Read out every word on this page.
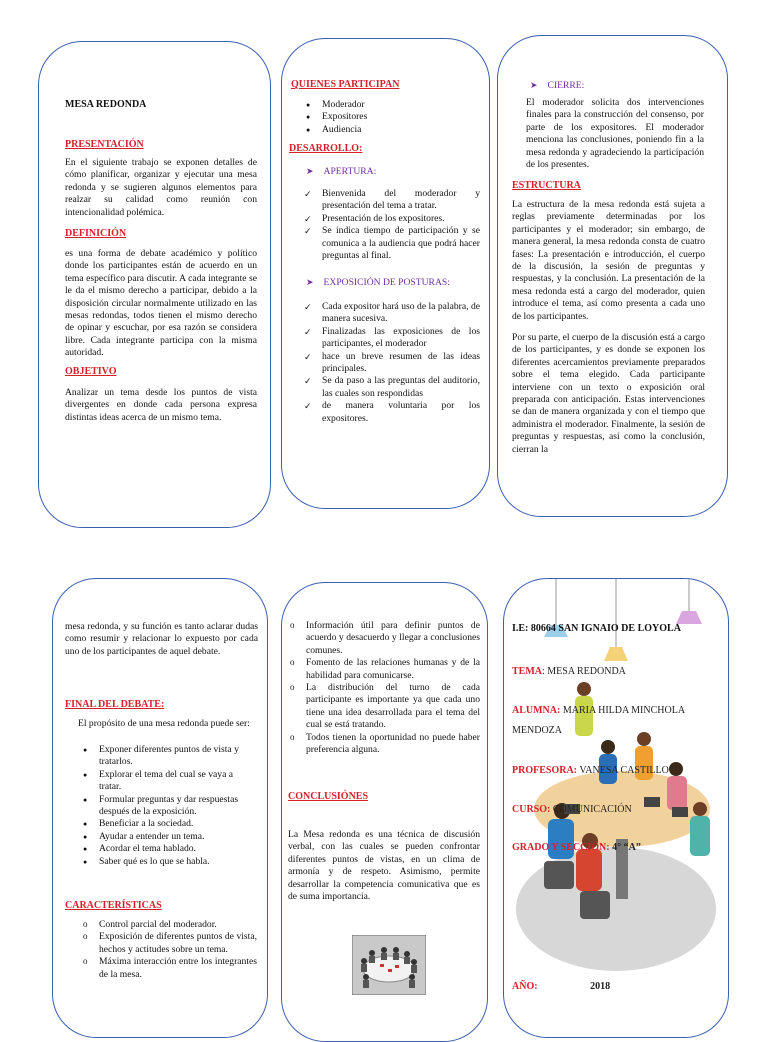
MESA REDONDA

PRESENTACIÓN

En el siguiente trabajo se exponen detalles de cómo planificar, organizar y ejecutar una mesa redonda y se sugieren algunos elementos para realzar su calidad como reunión con intencionalidad polémica.

DEFINICIÓN

es una forma de debate académico y político donde los participantes están de acuerdo en un tema específico para discutir. A cada integrante se le da el mismo derecho a participar, debido a la disposición circular normalmente utilizado en las mesas redondas, todos tienen el mismo derecho de opinar y escuchar, por esa razón se considera libre. Cada integrante participa con la misma autoridad.

OBJETIVO

Analizar un tema desde los puntos de vista divergentes en donde cada persona expresa distintas ideas acerca de un mismo tema.

QUIENES PARTICIPAN

● Moderador
● Expositores
● Audiencia

DESARROLLO:

➤ APERTURA:

✓ Bienvenida del moderador y presentación del tema a tratar.
✓ Presentación de los expositores.
✓ Se indica tiempo de participación y se comunica a la audiencia que podrá hacer preguntas al final.

➤ EXPOSICIÓN DE POSTURAS:

✓ Cada expositor hará uso de la palabra, de manera sucesiva.
✓ Finalizadas las exposiciones de los participantes, el moderador
✓ hace un breve resumen de las ideas principales.
✓ Se da paso a las preguntas del auditorio, las cuales son respondidas
✓ de manera voluntaria por los expositores.

➤ CIERRE:

El moderador solicita dos intervenciones finales para la construcción del consenso, por parte de los expositores. El moderador menciona las conclusiones, poniendo fin a la mesa redonda y agradeciendo la participación de los presentes.

ESTRUCTURA

La estructura de la mesa redonda está sujeta a reglas previamente determinadas por los participantes y el moderador; sin embargo, de manera general, la mesa redonda consta de cuatro fases: La presentación e introducción, el cuerpo de la discusión, la sesión de preguntas y respuestas, y la conclusión. La presentación de la mesa redonda está a cargo del moderador, quien introduce el tema, así como presenta a cada uno de los participantes.

Por su parte, el cuerpo de la discusión está a cargo de los participantes, y es donde se exponen los diferentes acercamientos previamente preparados sobre el tema elegido. Cada participante interviene con un texto o exposición oral preparada con anticipación. Estas intervenciones se dan de manera organizada y con el tiempo que administra el moderador. Finalmente, la sesión de preguntas y respuestas, así como la conclusión, cierran la

mesa redonda, y su función es tanto aclarar dudas como resumir y relacionar lo expuesto por cada uno de los participantes de aquel debate.

FINAL DEL DEBATE:

El propósito de una mesa redonda puede ser:

● Exponer diferentes puntos de vista y tratarlos.
● Explorar el tema del cual se vaya a tratar.
● Formular preguntas y dar respuestas después de la exposición.
● Beneficiar a la sociedad.
● Ayudar a entender un tema.
● Acordar el tema hablado.
● Saber qué es lo que se habla.

CARACTERÍSTICAS

o Control parcial del moderador.
o Exposición de diferentes puntos de vista, hechos y actitudes sobre un tema.
o Máxima interacción entre los integrantes de la mesa.
o Información útil para definir puntos de acuerdo y desacuerdo y llegar a conclusiones comunes.
o Fomento de las relaciones humanas y de la habilidad para comunicarse.
o La distribución del turno de cada participante es importante ya que cada uno tiene una idea desarrollada para el tema del cual se está tratando.
o Todos tienen la oportunidad no puede haber preferencia alguna.

CONCLUSIÓNES

La Mesa redonda es una técnica de discusión verbal, con las cuales se pueden confrontar diferentes puntos de vistas, en un clima de armonía y de respeto. Asimismo, permite desarrollar la competencia comunicativa que es de suma importancia.

I.E: 80664 SAN IGNAIO DE LOYOLA
TEMA: MESA REDONDA
ALUMNA: MARIA HILDA MINCHOLA MENDOZA
PROFESORA: VANESA CASTILLO
CURSO: COMUNICACIÓN
GRADO Y SECCIÓN: 4° “A”
AÑO:	2018
